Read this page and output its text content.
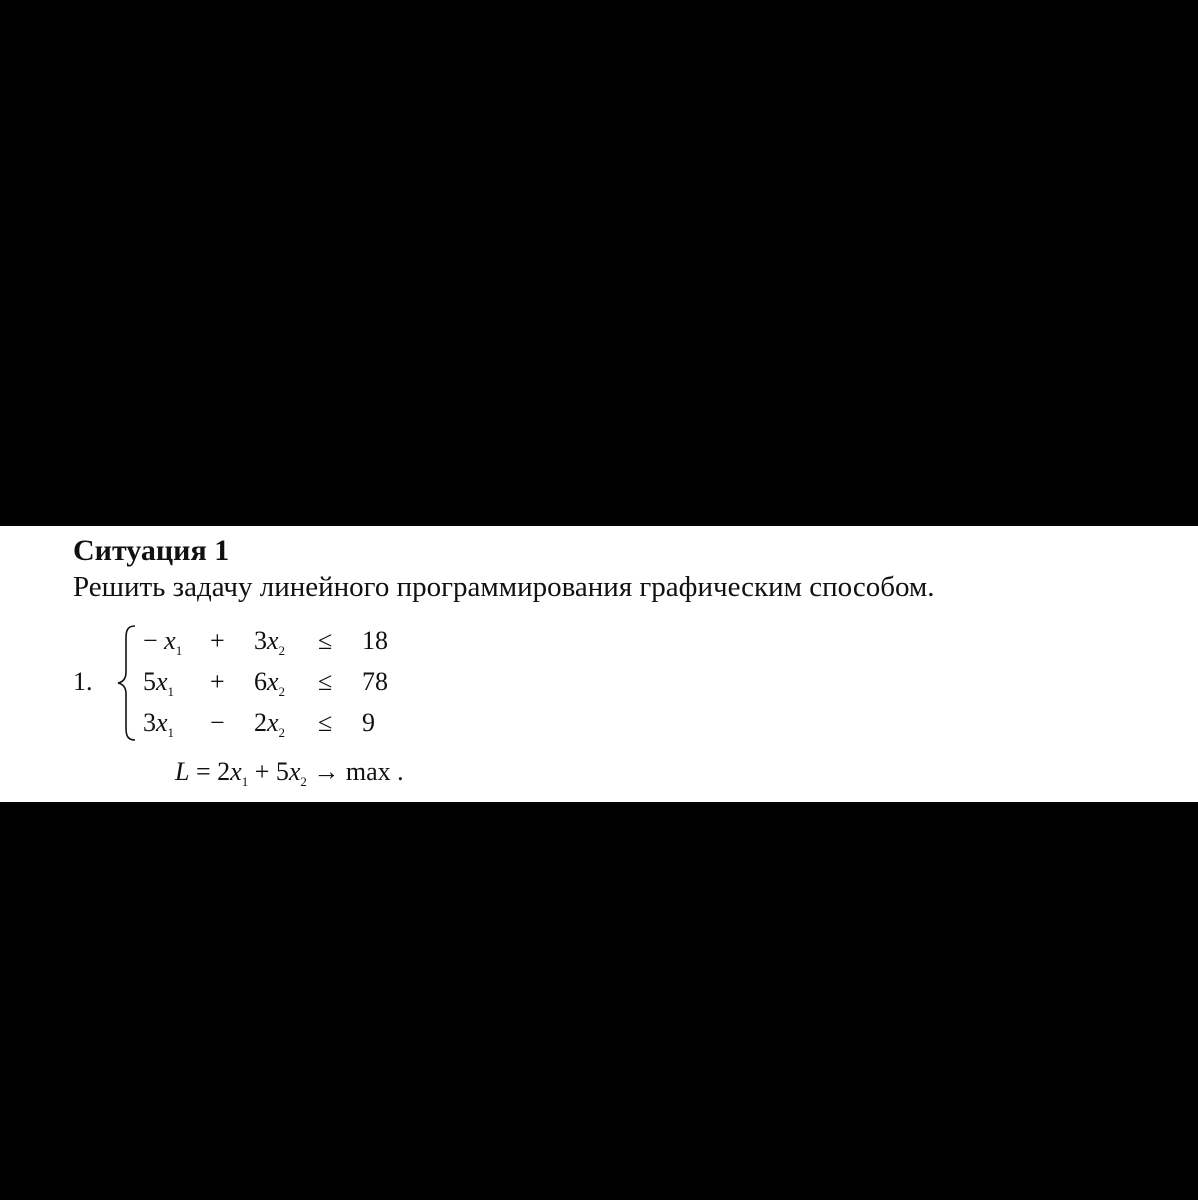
Ситуация 1
Решить задачу линейного программирования графическим способом.
1.
− $x_1 + 3x_2 \le 18$
$5x_1 + 6x_2 \le 78$
$3x_1 - 2x_2 \le 9$
$L = 2x_1 + 5x_2 \to \max$ .
